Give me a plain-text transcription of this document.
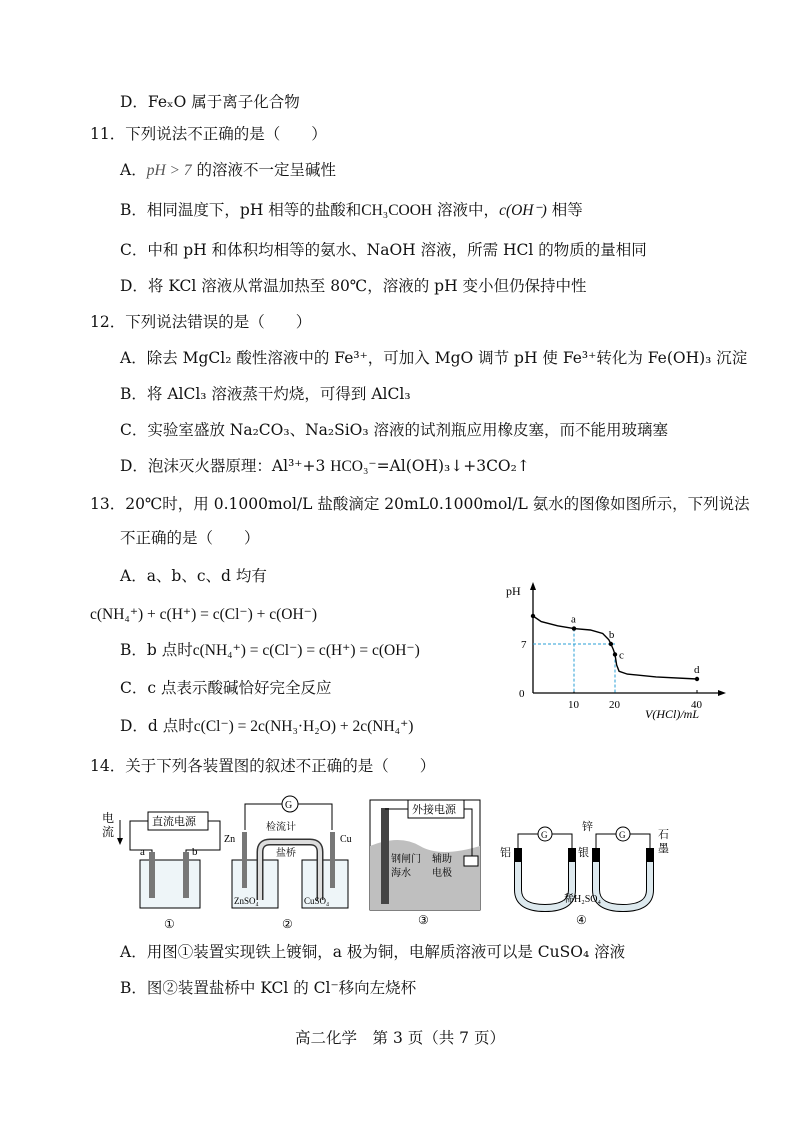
D．FeₓO 属于离子化合物
11．下列说法不正确的是（　　）
A．pH > 7 的溶液不一定呈碱性
B．相同温度下，pH 相等的盐酸和CH₃COOH 溶液中，c(OH⁻) 相等
C．中和 pH 和体积均相等的氨水、NaOH 溶液，所需 HCl 的物质的量相同
D．将 KCl 溶液从常温加热至 80℃，溶液的 pH 变小但仍保持中性
12．下列说法错误的是（　　）
A．除去 MgCl₂ 酸性溶液中的 Fe³⁺，可加入 MgO 调节 pH 使 Fe³⁺转化为 Fe(OH)₃ 沉淀
B．将 AlCl₃ 溶液蒸干灼烧，可得到 AlCl₃
C．实验室盛放 Na₂CO₃、Na₂SiO₃ 溶液的试剂瓶应用橡皮塞，而不能用玻璃塞
D．泡沫灭火器原理：Al³⁺+3 HCO₃⁻=Al(OH)₃↓+3CO₂↑
13．20℃时，用 0.1000mol/L 盐酸滴定 20mL0.1000mol/L 氨水的图像如图所示，下列说法
不正确的是（　　）
A．a、b、c、d 均有
c(NH₄⁺) + c(H⁺) = c(Cl⁻) + c(OH⁻)
B．b 点时c(NH₄⁺) = c(Cl⁻) = c(H⁺) = c(OH⁻)
C．c 点表示酸碱恰好完全反应
D．d 点时c(Cl⁻) = 2c(NH₃·H₂O) + 2c(NH₄⁺)
pH
V(HCl)/mL
0
10	20	40
7
a
b
c
d
14．关于下列各装置图的叙述不正确的是（　　）
电
流
直流电源
a	b
①
G
检流计
Zn	Cu
盐桥
ZnSO₄	CuSO₄
②
外接电源
钢闸门
海水
辅助
电极
③
G	G
铝	银
锌
石
墨
稀H₂SO₄
④
A．用图①装置实现铁上镀铜，a 极为铜，电解质溶液可以是 CuSO₄ 溶液
B．图②装置盐桥中 KCl 的 Cl⁻移向左烧杯
高二化学　第 3 页（共 7 页）
